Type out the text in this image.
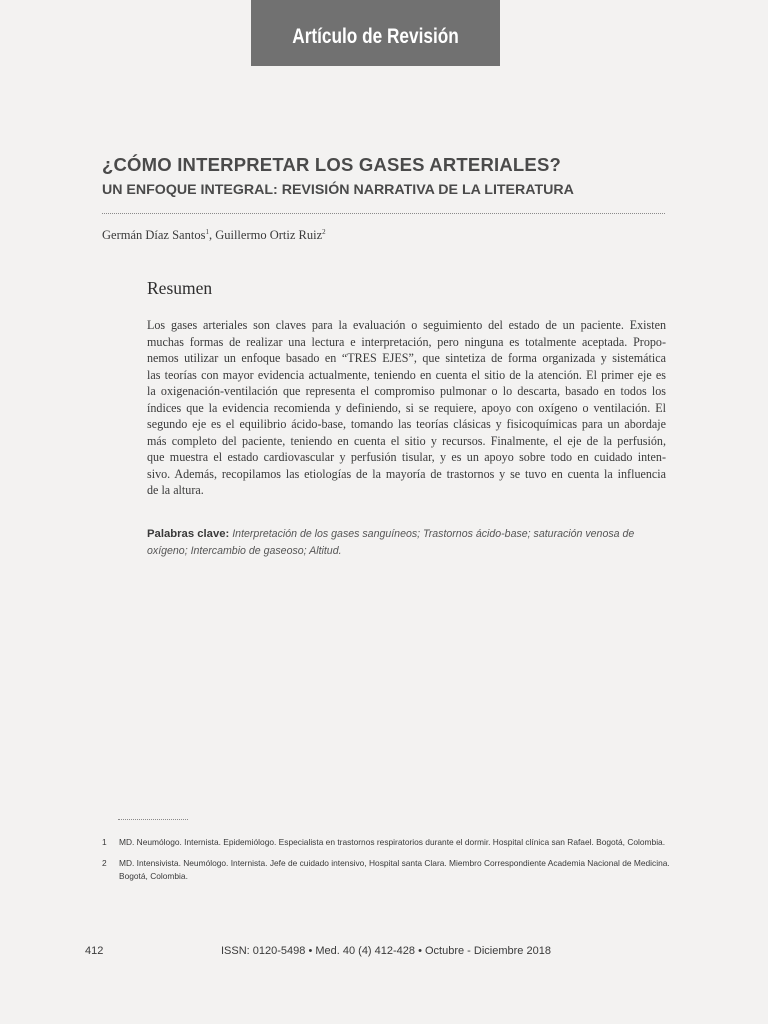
Artículo de Revisión
¿CÓMO INTERPRETAR LOS GASES ARTERIALES?
UN ENFOQUE INTEGRAL: REVISIÓN NARRATIVA DE LA LITERATURA
Germán Díaz Santos$^1$, Guillermo Ortiz Ruiz$^2$
Resumen
Los gases arteriales son claves para la evaluación o seguimiento del estado de un paciente. Existen
muchas formas de realizar una lectura e interpretación, pero ninguna es totalmente aceptada. Propo-
nemos utilizar un enfoque basado en “TRES EJES”, que sintetiza de forma organizada y sistemática
las teorías con mayor evidencia actualmente, teniendo en cuenta el sitio de la atención. El primer eje es
la oxigenación-ventilación que representa el compromiso pulmonar o lo descarta, basado en todos los
índices que la evidencia recomienda y definiendo, si se requiere, apoyo con oxígeno o ventilación. El
segundo eje es el equilibrio ácido-base, tomando las teorías clásicas y fisicoquímicas para un abordaje
más completo del paciente, teniendo en cuenta el sitio y recursos. Finalmente, el eje de la perfusión,
que muestra el estado cardiovascular y perfusión tisular, y es un apoyo sobre todo en cuidado inten-
sivo. Además, recopilamos las etiologías de la mayoría de trastornos y se tuvo en cuenta la influencia
de la altura.
Palabras clave: Interpretación de los gases sanguíneos; Trastornos ácido-base; saturación venosa de oxígeno; Intercambio de gaseoso; Altitud.
1 MD. Neumólogo. Internista. Epidemiólogo. Especialista en trastornos respiratorios durante el dormir. Hospital clínica san Rafael. Bogotá, Colombia.
2 MD. Intensivista. Neumólogo. Internista. Jefe de cuidado intensivo, Hospital santa Clara. Miembro Correspondiente Academia Nacional de Medicina. Bogotá, Colombia.
412	ISSN: 0120-5498 • Med. 40 (4) 412-428 • Octubre - Diciembre 2018
